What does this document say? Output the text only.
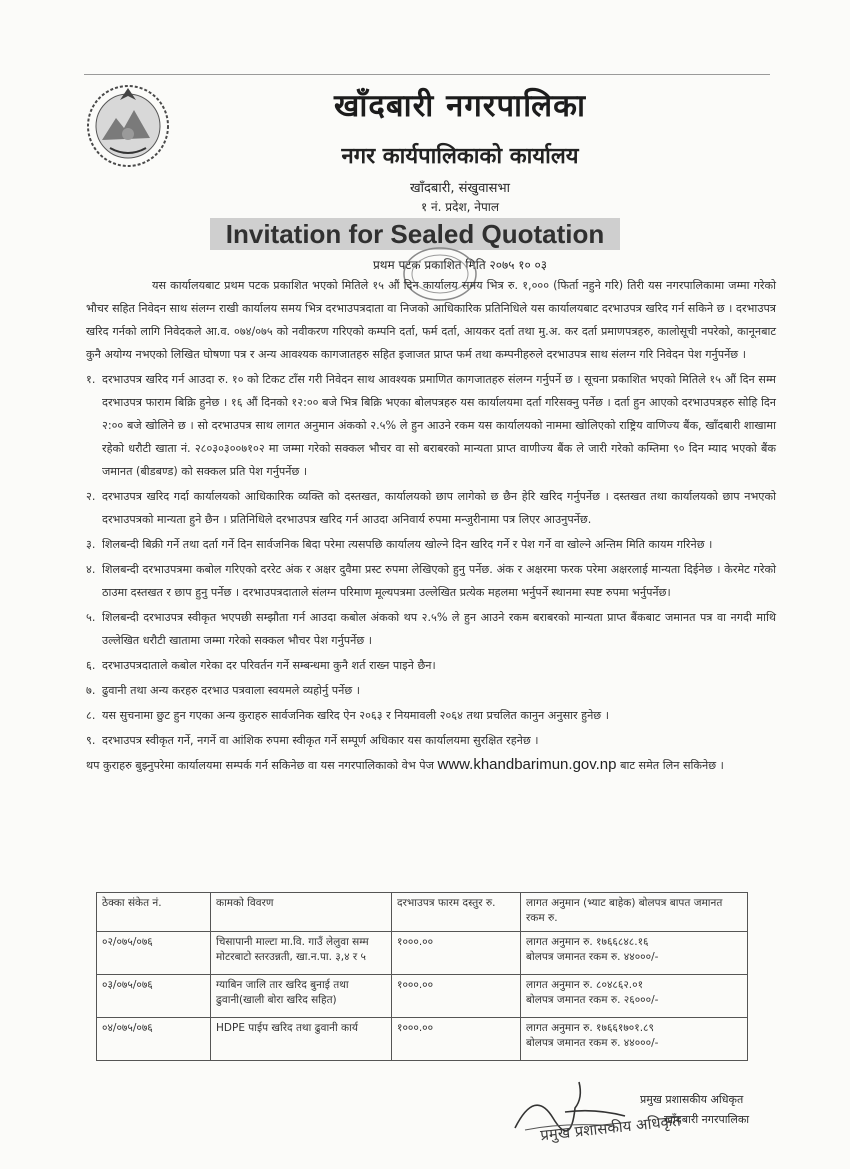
खाँदबारी नगरपालिका
नगर कार्यपालिकाको कार्यालय
खाँदबारी, संखुवासभा
१ नं. प्रदेश, नेपाल
Invitation for Sealed Quotation
प्रथम पटक प्रकाशित मिति २०७५ १० ०३

यस कार्यालयबाट प्रथम पटक प्रकाशित भएको मितिले १५ औं दिन कार्यालय समय भित्र रु. १,००० (फिर्ता नहुने गरि) तिरी यस नगरपालिकामा जम्मा गरेको भौचर सहित निवेदन साथ संलग्न राखी कार्यालय समय भित्र दरभाउपत्रदाता वा निजको आधिकारिक प्रतिनिधिले यस कार्यालयबाट दरभाउपत्र खरिद गर्न सकिने छ । दरभाउपत्र खरिद गर्नको लागि निवेदकले आ.व. ०७४/०७५ को नवीकरण गरिएको कम्पनि दर्ता, फर्म दर्ता, आयकर दर्ता तथा मु.अ. कर दर्ता प्रमाणपत्रहरु, कालोसूची नपरेको, कानूनबाट कुनै अयोग्य नभएको लिखित घोषणा पत्र र अन्य आवश्यक कागजातहरु सहित इजाजत प्राप्त फर्म तथा कम्पनीहरुले दरभाउपत्र साथ संलग्न गरि निवेदन पेश गर्नुपर्नेछ ।

१. दरभाउपत्र खरिद गर्न आउदा रु. १० को टिकट टाँस गरी निवेदन साथ आवश्यक प्रमाणित कागजातहरु संलग्न गर्नुपर्ने छ । सूचना प्रकाशित भएको मितिले १५ औं दिन सम्म दरभाउपत्र फाराम बिक्रि हुनेछ । १६ औं दिनको १२:०० बजे भित्र बिक्रि भएका बोलपत्रहरु यस कार्यालयमा दर्ता गरिसक्नु पर्नेछ । दर्ता हुन आएको दरभाउपत्रहरु सोहि दिन २:०० बजे खोलिने छ । सो दरभाउपत्र साथ लागत अनुमान अंकको २.५% ले हुन आउने रकम यस कार्यालयको नाममा खोलिएको राष्ट्रिय वाणिज्य बैंक, खाँदबारी शाखामा रहेको धरौटी खाता नं. २८०३०३००७१०२ मा जम्मा गरेको सक्कल भौचर वा सो बराबरको मान्यता प्राप्त वाणीज्य बैंक ले जारी गरेको कम्तिमा ९० दिन म्याद भएको बैंक जमानत (बीडबण्ड) को सक्कल प्रति पेश गर्नुपर्नेछ ।
२. दरभाउपत्र खरिद गर्दा कार्यालयको आधिकारिक व्यक्ति को दस्तखत, कार्यालयको छाप लागेको छ छैन हेरि खरिद गर्नुपर्नेछ । दस्तखत तथा कार्यालयको छाप नभएको दरभाउपत्रको मान्यता हुने छैन । प्रतिनिधिले दरभाउपत्र खरिद गर्न आउदा अनिवार्य रुपमा मन्जुरीनामा पत्र लिएर आउनुपर्नेछ.
३. शिलबन्दी बिक्री गर्ने तथा दर्ता गर्ने दिन सार्वजनिक बिदा परेमा त्यसपछि कार्यालय खोल्ने दिन खरिद गर्ने र पेश गर्ने वा खोल्ने अन्तिम मिति कायम गरिनेछ ।
४. शिलबन्दी दरभाउपत्रमा कबोल गरिएको दररेट अंक र अक्षर दुवैमा प्रस्ट रुपमा लेखिएको हुनु पर्नेछ. अंक र अक्षरमा फरक परेमा अक्षरलाई मान्यता दिईनेछ । केरमेट गरेको ठाउमा दस्तखत र छाप हुनु पर्नेछ । दरभाउपत्रदाताले संलग्न परिमाण मूल्यपत्रमा उल्लेखित प्रत्येक महलमा भर्नुपर्ने स्थानमा स्पष्ट रुपमा भर्नुपर्नेछ।
५. शिलबन्दी दरभाउपत्र स्वीकृत भएपछी सम्झौता गर्न आउदा कबोल अंकको थप २.५% ले हुन आउने रकम बराबरको मान्यता प्राप्त बैंकबाट जमानत पत्र वा नगदी माथि उल्लेखित धरौटी खातामा जम्मा गरेको सक्कल भौचर पेश गर्नुपर्नेछ ।
६. दरभाउपत्रदाताले कबोल गरेका दर परिवर्तन गर्ने सम्बन्धमा कुनै शर्त राख्न पाइने छैन।
७. ढुवानी तथा अन्य करहरु दरभाउ पत्रवाला स्वयमले व्यहोर्नु पर्नेछ ।
८. यस सुचनामा छुट हुन गएका अन्य कुराहरु सार्वजनिक खरिद ऐन २०६३ र नियमावली २०६४ तथा प्रचलित कानुन अनुसार हुनेछ ।
९. दरभाउपत्र स्वीकृत गर्ने, नगर्ने वा आंशिक रुपमा स्वीकृत गर्ने सम्पूर्ण अधिकार यस कार्यालयमा सुरक्षित रहनेछ ।

थप कुराहरु बुझ्नुपरेमा कार्यालयमा सम्पर्क गर्न सकिनेछ वा यस नगरपालिकाको वेभ पेज www.khandbarimun.gov.np बाट समेत लिन सकिनेछ ।

ठेक्का संकेत नं.	कामको विवरण	दरभाउपत्र फारम दस्तुर रु.	लागत अनुमान (भ्याट बाहेक) बोलपत्र बापत जमानत रकम रु.
०२/०७५/०७६	चिसापानी माल्टा मा.वि. गाउँ लेलुवा सम्म मोटरबाटो स्तरउन्नती, खा.न.पा. ३,४ र ५	१०००.००	लागत अनुमान रु. १७६६८४८.१६
बोलपत्र जमानत रकम रु. ४४०००/-

०३/०७५/०७६	ग्याबिन जालि तार खरिद बुनाई तथा ढुवानी(खाली बोरा खरिद सहित)	१०००.००	लागत अनुमान रु. ८०४८६२.०१
बोलपत्र जमानत रकम रु. २६०००/-

०४/०७५/०७६	HDPE पाईप खरिद तथा ढुवानी कार्य	१०००.००	लागत अनुमान रु. १७६६१७०१.८९
बोलपत्र जमानत रकम रु. ४४०००/-
प्रमुख प्रशासकीय अधिकृत
खाँदबारी नगरपालिका
प्रमुख प्रशासकीय अधिकृत
